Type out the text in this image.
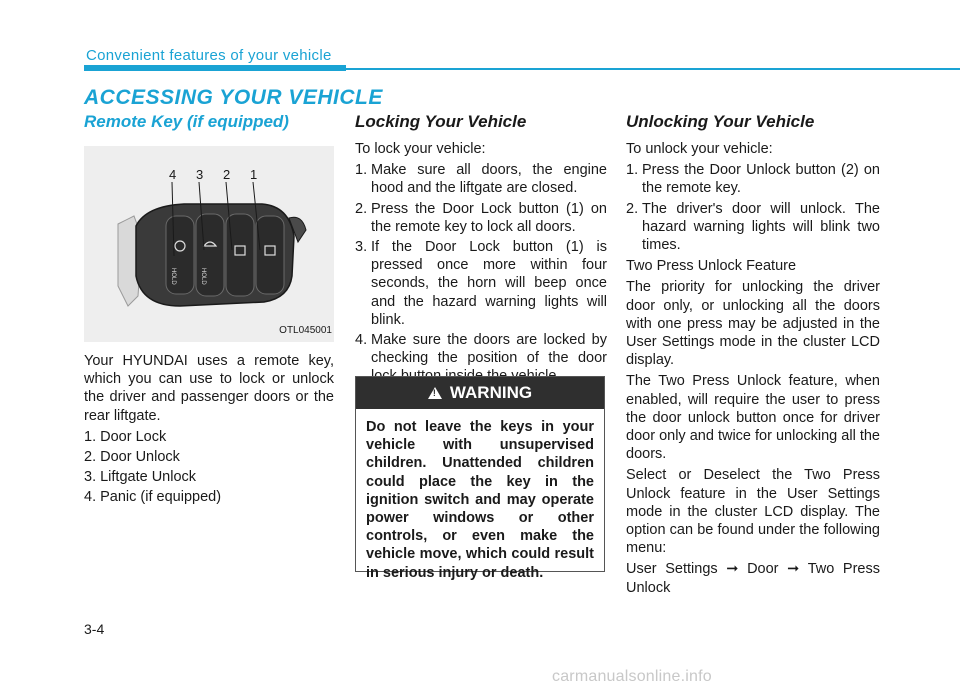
Convenient features of your vehicle
ACCESSING YOUR VEHICLE
Remote Key (if equipped)
4 3 2 1
HOLD	HOLD
OTL045001

Your HYUNDAI uses a remote key, which you can use to lock or unlock the driver and passenger doors or the rear liftgate.

1. Door Lock
2. Door Unlock
3. Liftgate Unlock
4. Panic (if equipped)
Locking Your Vehicle

To lock your vehicle:

1. Make sure all doors, the engine hood and the liftgate are closed.
2. Press the Door Lock button (1) on the remote key to lock all doors.
3. If the Door Lock button (1) is pressed once more within four seconds, the horn will beep once and the hazard warning lights will blink.
4. Make sure the doors are locked by checking the position of the door
!
WARNING
Do not leave the keys in your vehicle with unsupervised children. Unattended children could place the key in the ignition switch and may operate power windows or other controls, or even make the vehicle move, which could result in serious injury or death.
Unlocking Your Vehicle

To unlock your vehicle:

1. Press the Door Unlock button (2) on the remote key.
2. The driver's door will unlock. The hazard warning lights will blink two times.

Two Press Unlock Feature

The priority for unlocking the driver door only, or unlocking all the doors with one press may be adjusted in the User Settings mode in the cluster LCD display.

The Two Press Unlock feature, when enabled, will require the user to press the door unlock button once for driver door only and twice for unlocking all the doors.

Select or Deselect the Two Press Unlock feature in the User Settings mode in the cluster LCD display. The option can be found under the following menu:

User Settings ➞ Door ➞ Two Press Unlock

3-4
carmanualsonline.info
